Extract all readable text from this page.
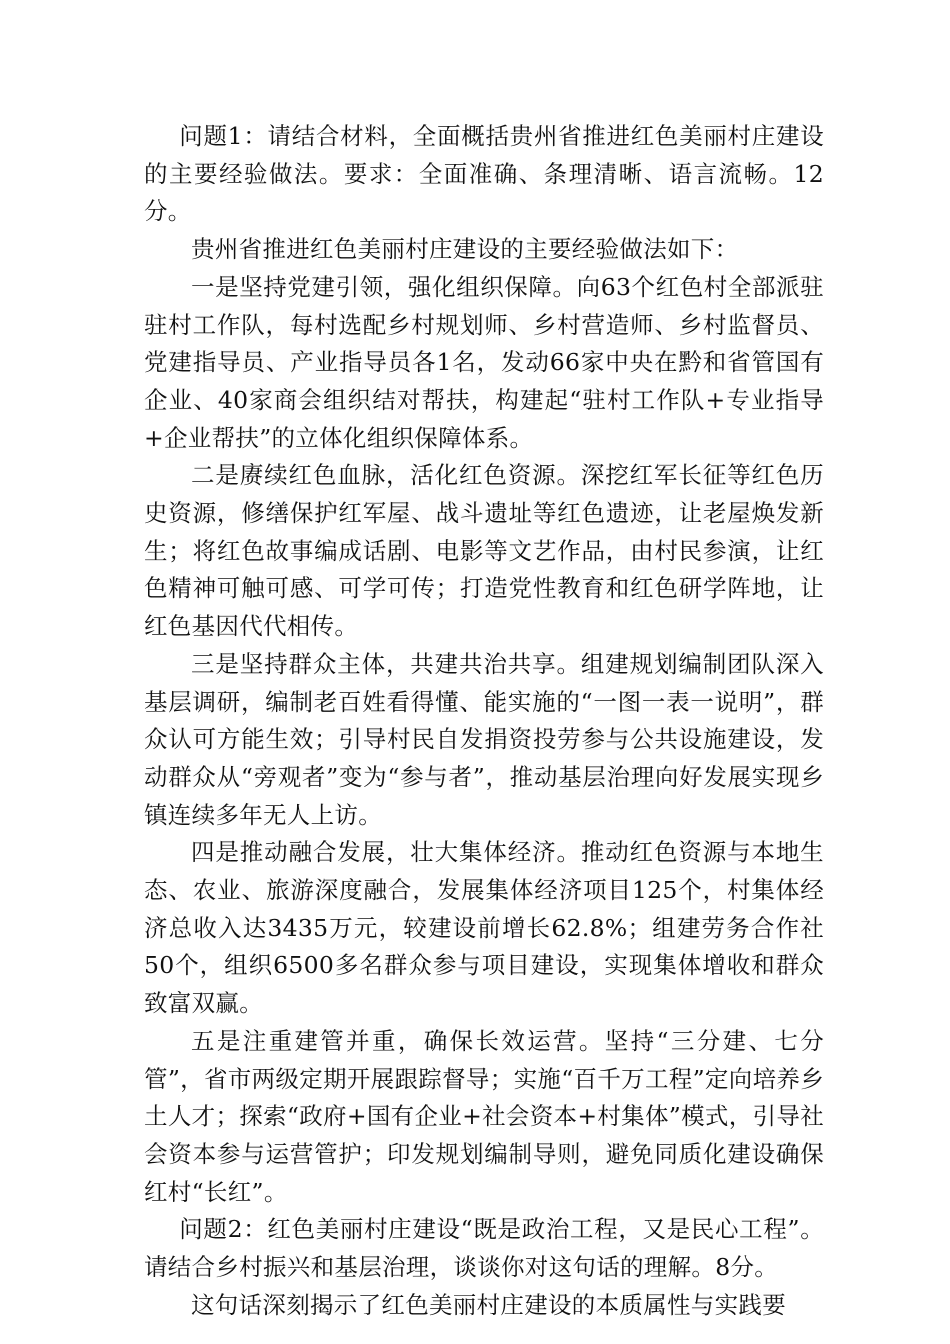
问题1：请结合材料，全面概括贵州省推进红色美丽村庄建设的主要经验做法。要求：全面准确、条理清晰、语言流畅。12分。

贵州省推进红色美丽村庄建设的主要经验做法如下：

一是坚持党建引领，强化组织保障。向63个红色村全部派驻驻村工作队，每村选配乡村规划师、乡村营造师、乡村监督员、党建指导员、产业指导员各1名，发动66家中央在黔和省管国有企业、40家商会组织结对帮扶，构建起“驻村工作队+专业指导+企业帮扶”的立体化组织保障体系。

二是赓续红色血脉，活化红色资源。深挖红军长征等红色历史资源，修缮保护红军屋、战斗遗址等红色遗迹，让老屋焕发新生；将红色故事编成话剧、电影等文艺作品，由村民参演，让红色精神可触可感、可学可传；打造党性教育和红色研学阵地，让红色基因代代相传。

三是坚持群众主体，共建共治共享。组建规划编制团队深入基层调研，编制老百姓看得懂、能实施的“一图一表一说明”，群众认可方能生效；引导村民自发捐资投劳参与公共设施建设，发动群众从“旁观者”变为“参与者”，推动基层治理向好发展实现乡镇连续多年无人上访。

四是推动融合发展，壮大集体经济。推动红色资源与本地生态、农业、旅游深度融合，发展集体经济项目125个，村集体经济总收入达3435万元，较建设前增长62.8%；组建劳务合作社50个，组织6500多名群众参与项目建设，实现集体增收和群众致富双赢。

五是注重建管并重，确保长效运营。坚持“三分建、七分管”，省市两级定期开展跟踪督导；实施“百千万工程”定向培养乡土人才；探索“政府+国有企业+社会资本+村集体”模式，引导社会资本参与运营管护；印发规划编制导则，避免同质化建设确保红村“长红”。

问题2：红色美丽村庄建设“既是政治工程，又是民心工程”。请结合乡村振兴和基层治理，谈谈你对这句话的理解。8分。

这句话深刻揭示了红色美丽村庄建设的本质属性与实践要
